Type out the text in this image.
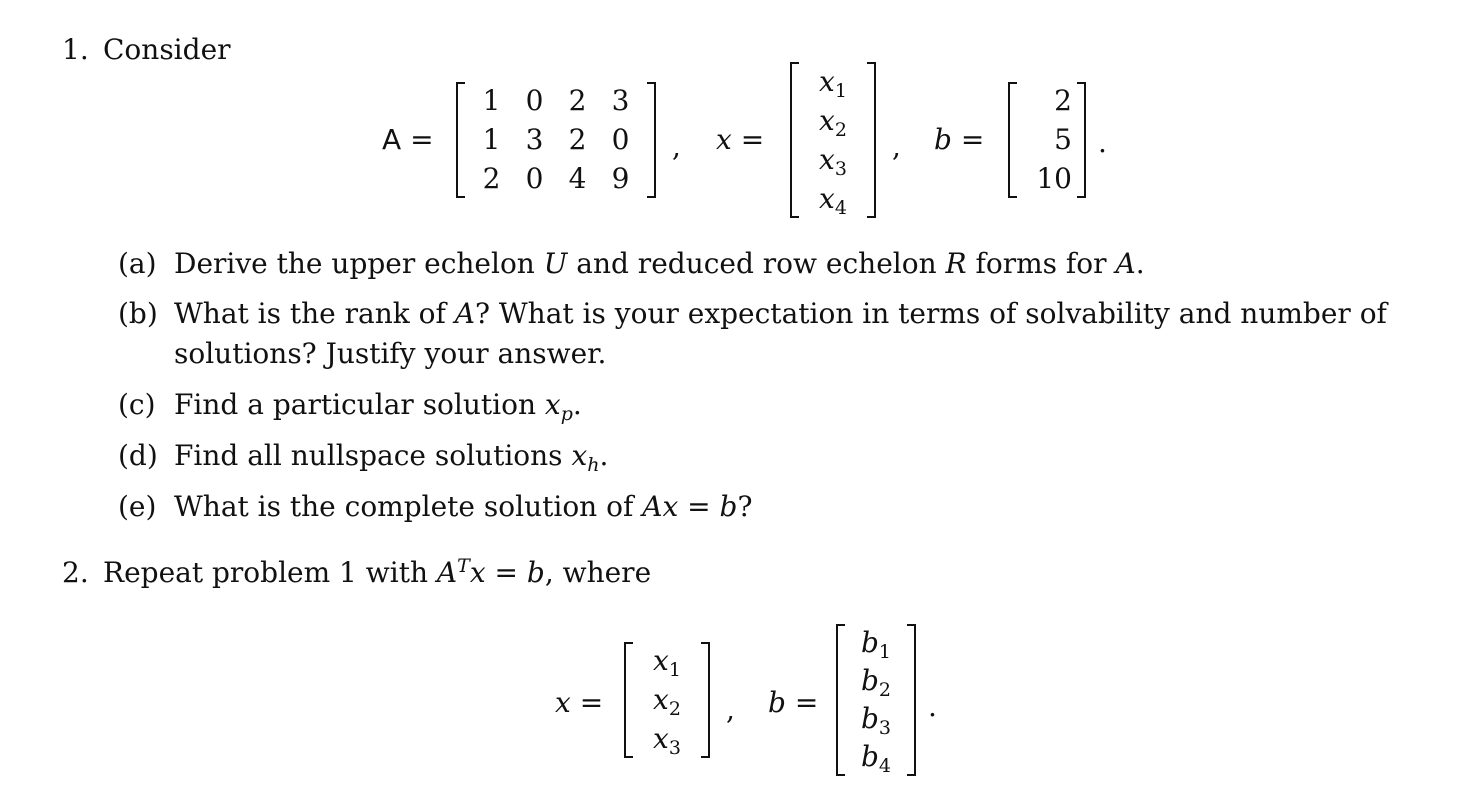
1. Consider
A =
1 0 2 3
1 3 2 0
2 0 4 9
, x =
$x_1$
$x_2$
$x_3$
$x_4$
, b =
2
5
10
.
(a) Derive the upper echelon U and reduced row echelon R forms for A.
(b) What is the rank of A? What is your expectation in terms of solvability and number of
solutions? Justify your answer.
(c) Find a particular solution $x_p$.
(d) Find all nullspace solutions $x_h$.
(e) What is the complete solution of Ax = b?
2. Repeat problem 1 with $A^Tx = b$, where
x =
$x_1$
$x_2$
$x_3$
, b =
$b_1$
$b_2$
$b_3$
$b_4$
.
